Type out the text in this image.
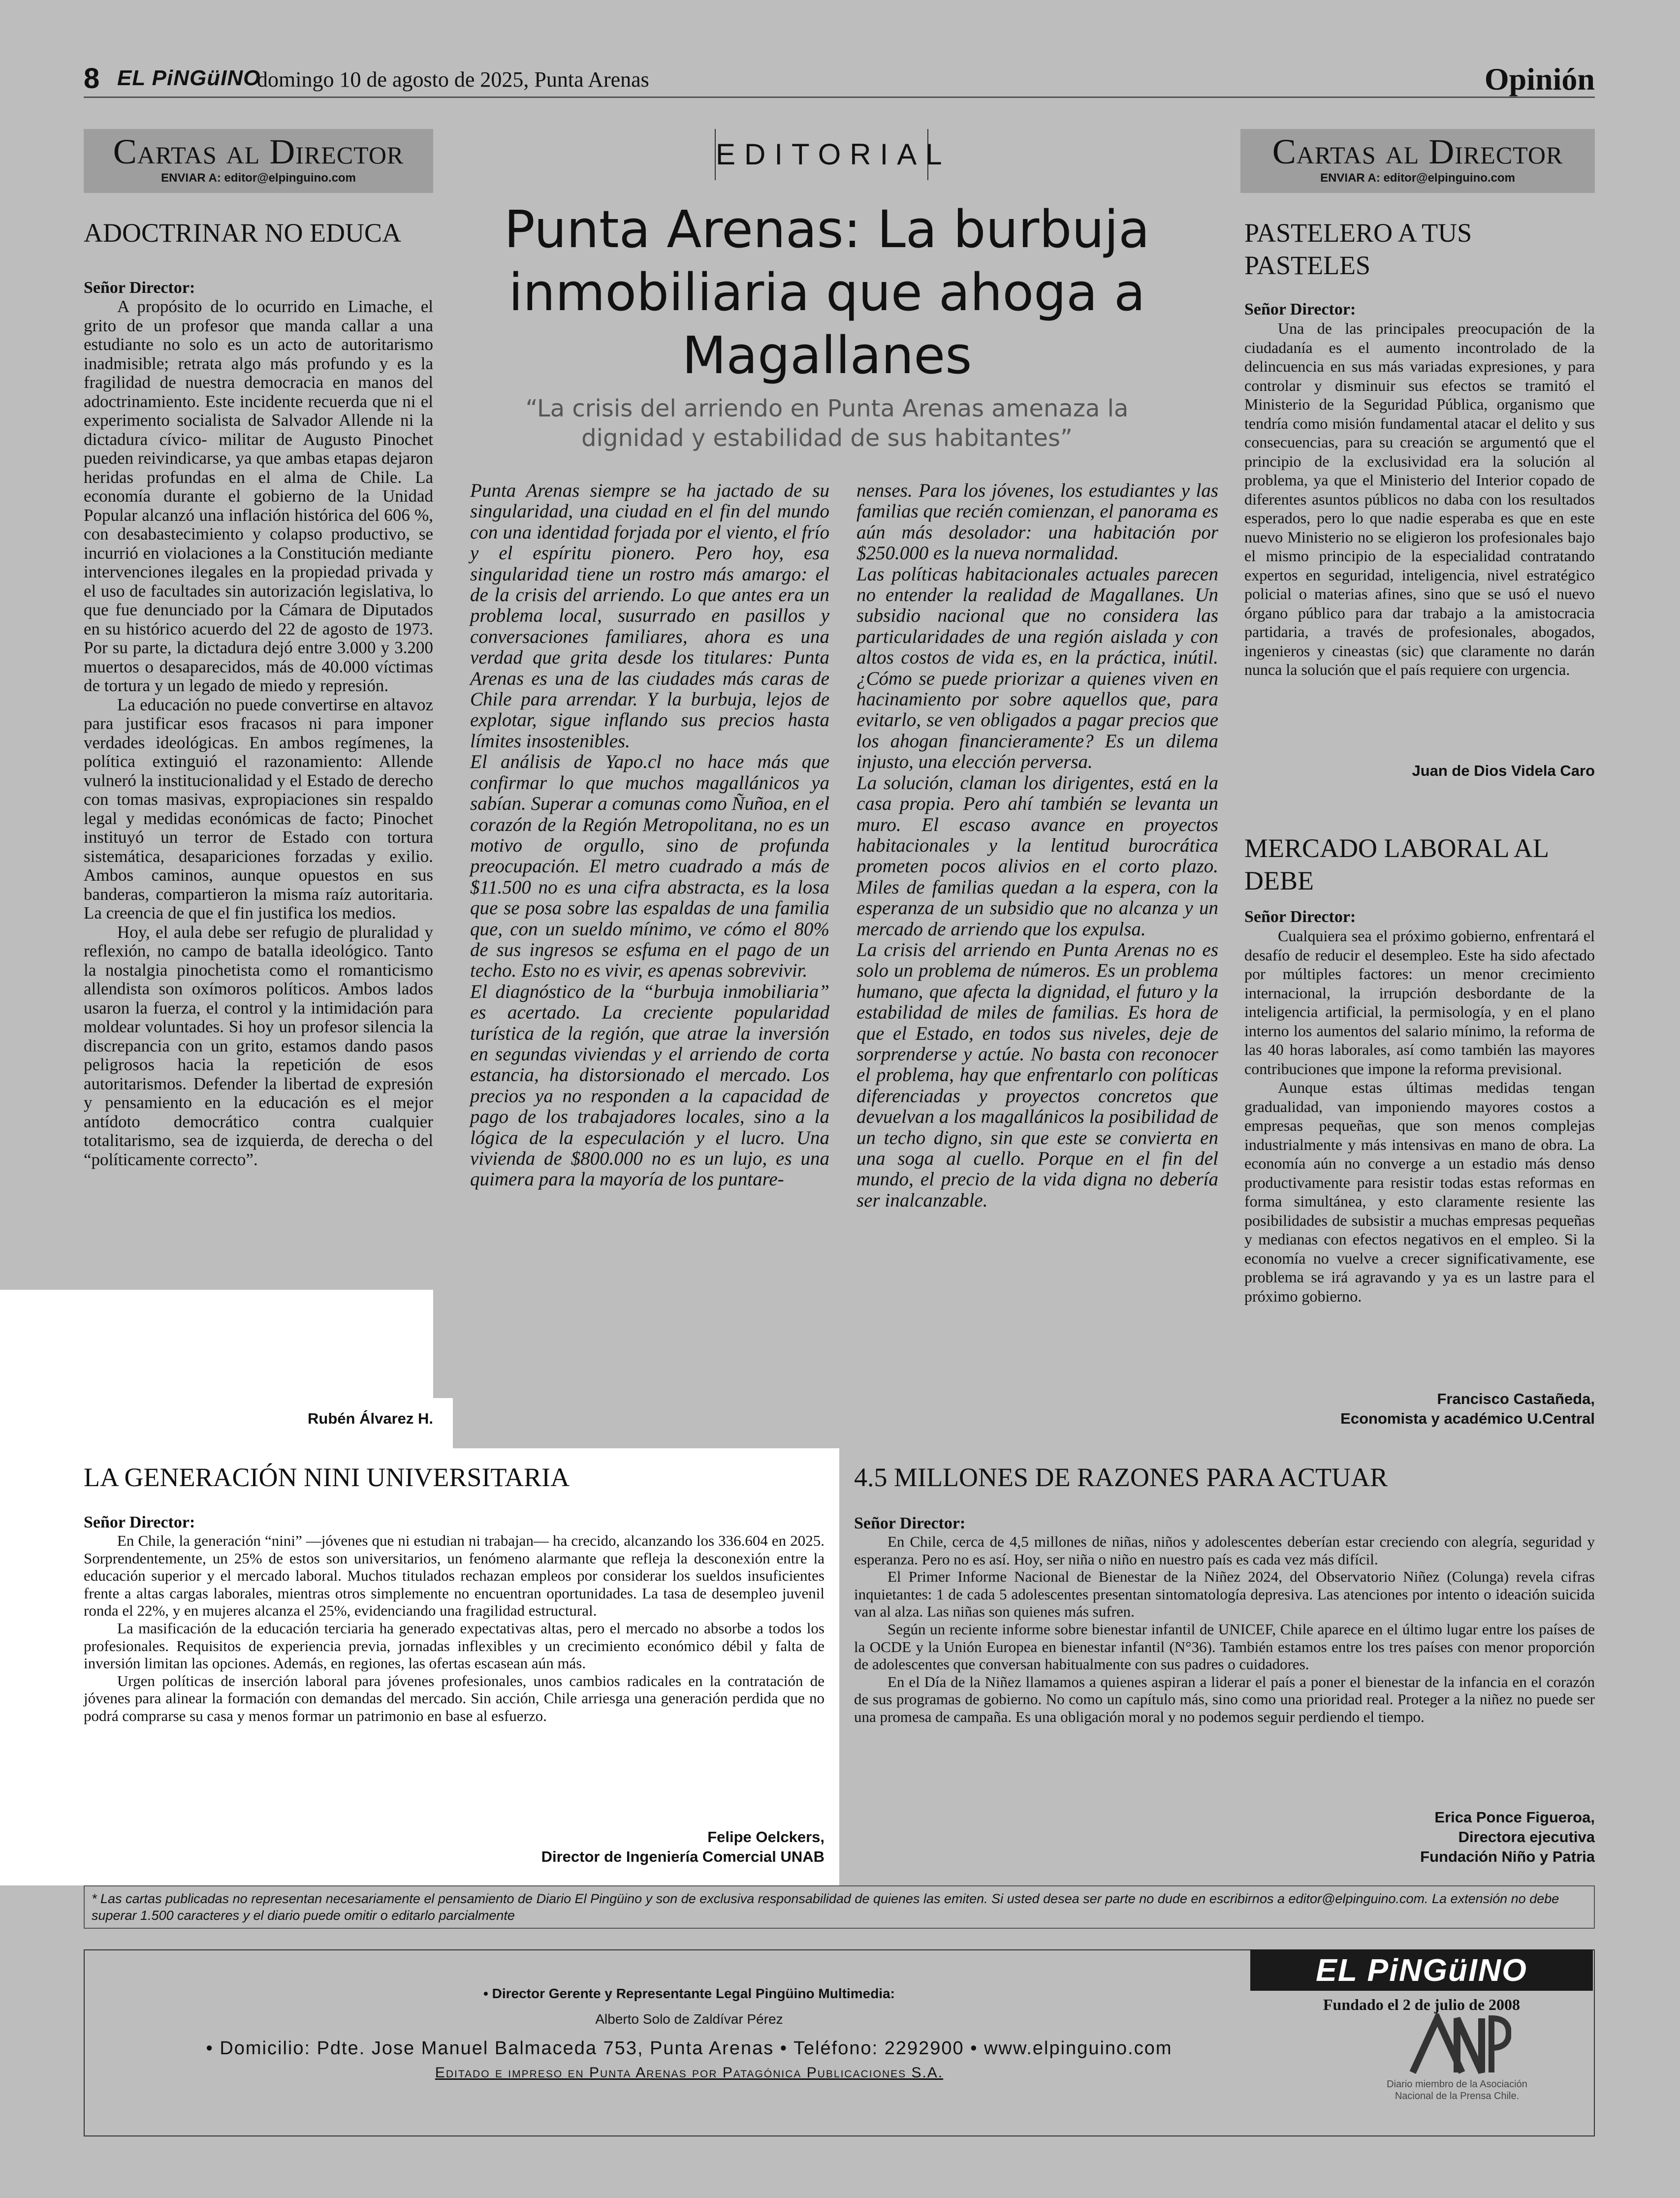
8 EL PiNGüINO
domingo 10 de agosto de 2025, Punta Arenas	Opinión
Cartas al Director
ENVIAR A: editor@elpinguino.com
Cartas al Director
ENVIAR A: editor@elpinguino.com
ADOCTRINAR NO EDUCA
Señor Director:

A propósito de lo ocurrido en Limache, el grito de un profesor que manda callar a una estudiante no solo es un acto de autoritarismo inadmisible; retrata algo más profundo y es la fragilidad de nuestra democracia en manos del adoctrinamiento. Este incidente recuerda que ni el experimento socialista de Salvador Allende ni la dictadura cívico- militar de Augusto Pinochet pueden reivindicarse, ya que ambas etapas dejaron heridas profundas en el alma de Chile. La economía durante el gobierno de la Unidad Popular alcanzó una inflación histórica del 606 %, con desabastecimiento y colapso productivo, se incurrió en violaciones a la Constitución mediante intervenciones ilegales en la propiedad privada y el uso de facultades sin autorización legislativa, lo que fue denunciado por la Cámara de Diputados en su histórico acuerdo del 22 de agosto de 1973. Por su parte, la dictadura dejó entre 3.000 y 3.200 muertos o desaparecidos, más de 40.000 víctimas de tortura y un legado de miedo y represión.

La educación no puede convertirse en altavoz para justificar esos fracasos ni para imponer verdades ideológicas. En ambos regímenes, la política extinguió el razonamiento: Allende vulneró la institucionalidad y el Estado de derecho con tomas masivas, expropiaciones sin respaldo legal y medidas económicas de facto; Pinochet instituyó un terror de Estado con tortura sistemática, desapariciones forzadas y exilio. Ambos caminos, aunque opuestos en sus banderas, compartieron la misma raíz autoritaria. La creencia de que el fin justifica los medios.

Hoy, el aula debe ser refugio de pluralidad y reflexión, no campo de batalla ideológico. Tanto la nostalgia pinochetista como el romanticismo allendista son oxímoros políticos. Ambos lados usaron la fuerza, el control y la intimidación para moldear voluntades. Si hoy un profesor silencia la discrepancia con un grito, estamos dando pasos peligrosos hacia la repetición de esos autoritarismos. Defender la libertad de expresión y pensamiento en la educación es el mejor antídoto democrático contra cualquier totalitarismo, sea de izquierda, de derecha o del “políticamente correcto”.

Rubén Álvarez H.
EDITORIAL
Punta Arenas: La burbuja inmobiliaria que ahoga a Magallanes
“La crisis del arriendo en Punta Arenas amenaza la dignidad y estabilidad de sus habitantes”

Punta Arenas siempre se ha jactado de su singularidad, una ciudad en el fin del mundo con una identidad forjada por el viento, el frío y el espíritu pionero. Pero hoy, esa singularidad tiene un rostro más amargo: el de la crisis del arriendo. Lo que antes era un problema local, susurrado en pasillos y conversaciones familiares, ahora es una verdad que grita desde los titulares: Punta Arenas es una de las ciudades más caras de Chile para arrendar. Y la burbuja, lejos de explotar, sigue inflando sus precios hasta límites insostenibles.

El análisis de Yapo.cl no hace más que confirmar lo que muchos magallánicos ya sabían. Superar a comunas como Ñuñoa, en el corazón de la Región Metropolitana, no es un motivo de orgullo, sino de profunda preocupación. El metro cuadrado a más de $11.500 no es una cifra abstracta, es la losa que se posa sobre las espaldas de una familia que, con un sueldo mínimo, ve cómo el 80% de sus ingresos se esfuma en el pago de un techo. Esto no es vivir, es apenas sobrevivir.

El diagnóstico de la “burbuja inmobiliaria” es acertado. La creciente popularidad turística de la región, que atrae la inversión en segundas viviendas y el arriendo de corta estancia, ha distorsionado el mercado. Los precios ya no responden a la capacidad de pago de los trabajadores locales, sino a la lógica de la especulación y el lucro. Una vivienda de $800.000 no es un lujo, es una quimera para la mayoría de los puntare-

nenses. Para los jóvenes, los estudiantes y las familias que recién comienzan, el panorama es aún más desolador: una habitación por $250.000 es la nueva normalidad.

Las políticas habitacionales actuales parecen no entender la realidad de Magallanes. Un subsidio nacional que no considera las particularidades de una región aislada y con altos costos de vida es, en la práctica, inútil. ¿Cómo se puede priorizar a quienes viven en hacinamiento por sobre aquellos que, para evitarlo, se ven obligados a pagar precios que los ahogan financieramente? Es un dilema injusto, una elección perversa.

La solución, claman los dirigentes, está en la casa propia. Pero ahí también se levanta un muro. El escaso avance en proyectos habitacionales y la lentitud burocrática prometen pocos alivios en el corto plazo. Miles de familias quedan a la espera, con la esperanza de un subsidio que no alcanza y un mercado de arriendo que los expulsa.

La crisis del arriendo en Punta Arenas no es solo un problema de números. Es un problema humano, que afecta la dignidad, el futuro y la estabilidad de miles de familias. Es hora de que el Estado, en todos sus niveles, deje de sorprenderse y actúe. No basta con reconocer el problema, hay que enfrentarlo con políticas diferenciadas y proyectos concretos que devuelvan a los magallánicos la posibilidad de un techo digno, sin que este se convierta en una soga al cuello. Porque en el fin del mundo, el precio de la vida digna no debería ser inalcanzable.

PASTELERO A TUS PASTELES
Señor Director:

Una de las principales preocupación de la ciudadanía es el aumento incontrolado de la delincuencia en sus más variadas expresiones, y para controlar y disminuir sus efectos se tramitó el Ministerio de la Seguridad Pública, organismo que tendría como misión fundamental atacar el delito y sus consecuencias, para su creación se argumentó que el principio de la exclusividad era la solución al problema, ya que el Ministerio del Interior copado de diferentes asuntos públicos no daba con los resultados esperados, pero lo que nadie esperaba es que en este nuevo Ministerio no se eligieron los profesionales bajo el mismo principio de la especialidad contratando expertos en seguridad, inteligencia, nivel estratégico policial o materias afines, sino que se usó el nuevo órgano público para dar trabajo a la amistocracia partidaria, a través de profesionales, abogados, ingenieros y cineastas (sic) que claramente no darán nunca la solución que el país requiere con urgencia.

Juan de Dios Videla Caro
MERCADO LABORAL AL DEBE
Señor Director:

Cualquiera sea el próximo gobierno, enfrentará el desafío de reducir el desempleo. Este ha sido afectado por múltiples factores: un menor crecimiento internacional, la irrupción desbordante de la inteligencia artificial, la permisología, y en el plano interno los aumentos del salario mínimo, la reforma de las 40 horas laborales, así como también las mayores contribuciones que impone la reforma previsional.

Aunque estas últimas medidas tengan gradualidad, van imponiendo mayores costos a empresas pequeñas, que son menos complejas industrialmente y más intensivas en mano de obra. La economía aún no converge a un estadio más denso productivamente para resistir todas estas reformas en forma simultánea, y esto claramente resiente las posibilidades de subsistir a muchas empresas pequeñas y medianas con efectos negativos en el empleo. Si la economía no vuelve a crecer significativamente, ese problema se irá agravando y ya es un lastre para el próximo gobierno.

Francisco Castañeda,
Economista y académico U.Central
LA GENERACIÓN NINI UNIVERSITARIA
Señor Director:

En Chile, la generación “nini” —jóvenes que ni estudian ni trabajan— ha crecido, alcanzando los 336.604 en 2025. Sorprendentemente, un 25% de estos son universitarios, un fenómeno alarmante que refleja la desconexión entre la educación superior y el mercado laboral. Muchos titulados rechazan empleos por considerar los sueldos insuficientes frente a altas cargas laborales, mientras otros simplemente no encuentran oportunidades. La tasa de desempleo juvenil ronda el 22%, y en mujeres alcanza el 25%, evidenciando una fragilidad estructural.

La masificación de la educación terciaria ha generado expectativas altas, pero el mercado no absorbe a todos los profesionales. Requisitos de experiencia previa, jornadas inflexibles y un crecimiento económico débil y falta de inversión limitan las opciones. Además, en regiones, las ofertas escasean aún más.

Urgen políticas de inserción laboral para jóvenes profesionales, unos cambios radicales en la contratación de jóvenes para alinear la formación con demandas del mercado. Sin acción, Chile arriesga una generación perdida que no podrá comprarse su casa y menos formar un patrimonio en base al esfuerzo.

Felipe Oelckers,
Director de Ingeniería Comercial UNAB
4.5 MILLONES DE RAZONES PARA ACTUAR
Señor Director:

En Chile, cerca de 4,5 millones de niñas, niños y adolescentes deberían estar creciendo con alegría, seguridad y esperanza. Pero no es así. Hoy, ser niña o niño en nuestro país es cada vez más difícil.

El Primer Informe Nacional de Bienestar de la Niñez 2024, del Observatorio Niñez (Colunga) revela cifras inquietantes: 1 de cada 5 adolescentes presentan sintomatología depresiva. Las atenciones por intento o ideación suicida van al alza. Las niñas son quienes más sufren.

Según un reciente informe sobre bienestar infantil de UNICEF, Chile aparece en el último lugar entre los países de la OCDE y la Unión Europea en bienestar infantil (N°36). También estamos entre los tres países con menor proporción de adolescentes que conversan habitualmente con sus padres o cuidadores.

En el Día de la Niñez llamamos a quienes aspiran a liderar el país a poner el bienestar de la infancia en el corazón de sus programas de gobierno. No como un capítulo más, sino como una prioridad real. Proteger a la niñez no puede ser una promesa de campaña. Es una obligación moral y no podemos seguir perdiendo el tiempo.

Erica Ponce Figueroa,
Directora ejecutiva
Fundación Niño y Patria
* Las cartas publicadas no representan necesariamente el pensamiento de Diario El Pingüino y son de exclusiva responsabilidad de quienes las emiten. Si usted desea ser parte no dude en escribirnos a editor@elpinguino.com. La extensión no debe superar 1.500 caracteres y el diario puede omitir o editarlo parcialmente
• Director Gerente y Representante Legal Pingüino Multimedia:
Alberto Solo de Zaldívar Pérez
• Domicilio: Pdte. Jose Manuel Balmaceda 753, Punta Arenas • Teléfono: 2292900 • www.elpinguino.com
Editado e impreso en Punta Arenas por Patagónica Publicaciones S.A.
EL PiNGüINO
Fundado el 2 de julio de 2008
Diario miembro de la Asociación Nacional de la Prensa Chile.
